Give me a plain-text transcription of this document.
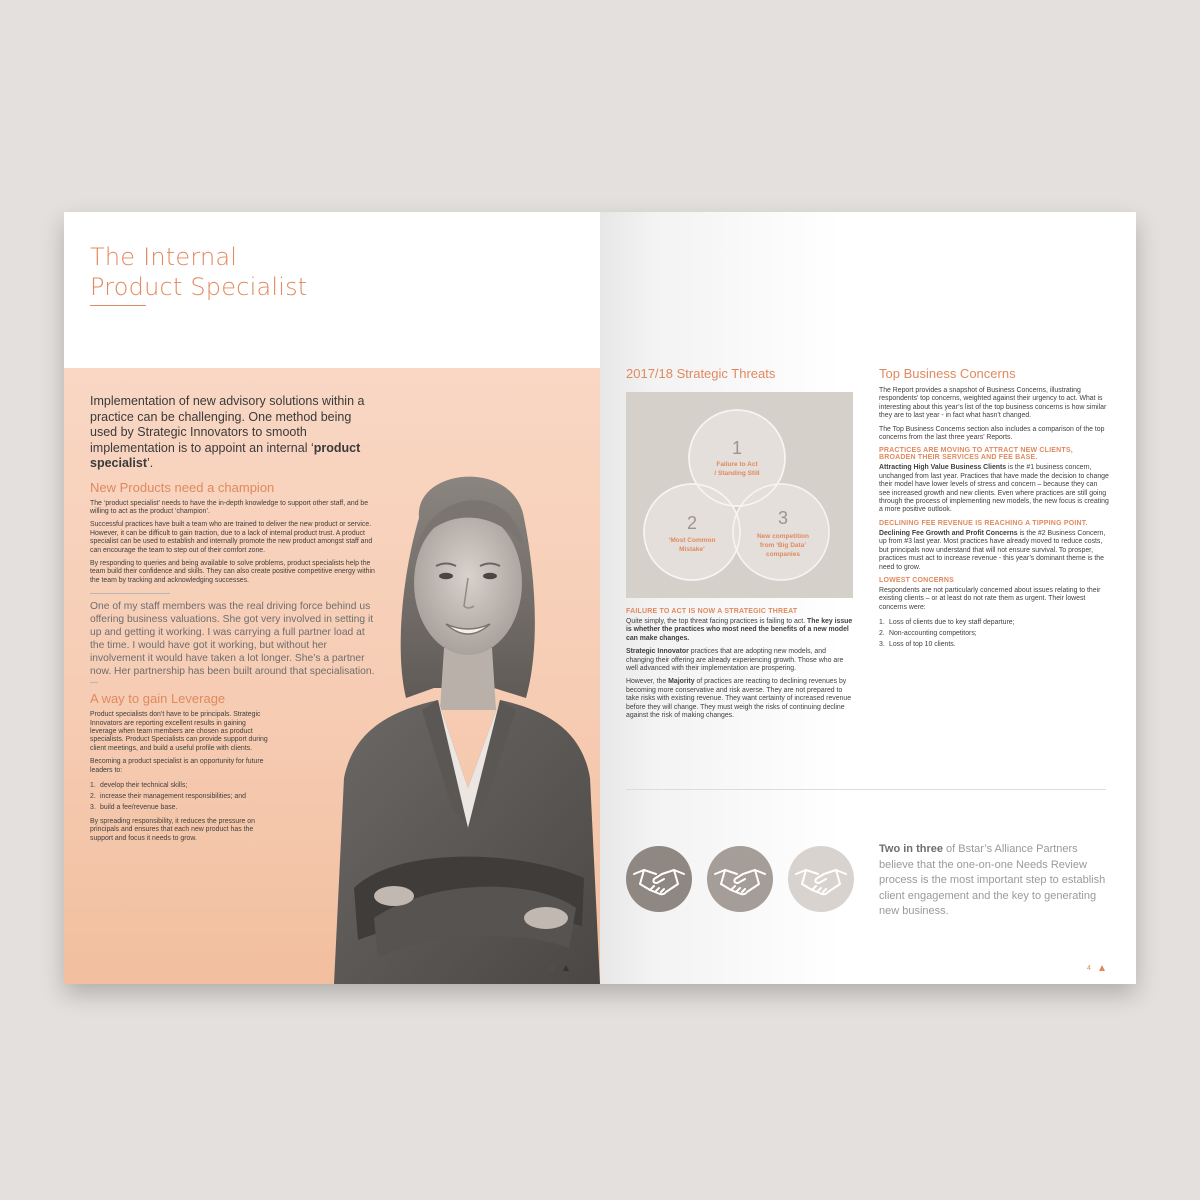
The Internal
Product Specialist

Implementation of new advisory solutions within a practice can be challenging. One method being used by Strategic Innovators to smooth implementation is to appoint an internal ‘product specialist’.

New Products need a champion

The ‘product specialist’ needs to have the in-depth knowledge to support other staff, and be willing to act as the product ‘champion’.

Successful practices have built a team who are trained to deliver the new product or service. However, it can be difficult to gain traction, due to a lack of internal product trust. A product specialist can be used to establish and internally promote the new product amongst staff and can encourage the team to step out of their comfort zone.

By responding to queries and being available to solve problems, product specialists help the team build their confidence and skills. They can also create positive competitive energy within the team by tracking and acknowledging successes.

One of my staff members was the real driving force behind us offering business valuations. She got very involved in setting it up and getting it working. I was carrying a full partner load at the time. I would have got it working, but without her involvement it would have taken a lot longer. She’s a partner now. Her partnership has been built around that specialisation.

A way to gain Leverage

Product specialists don’t have to be principals. Strategic Innovators are reporting excellent results in gaining leverage when team members are chosen as product specialists. Product Specialists can provide support during client meetings, and build a useful profile with clients.

Becoming a product specialist is an opportunity for future leaders to:

1. develop their technical skills;
2. increase their management responsibilities; and
3. build a fee/revenue base.

By spreading responsibility, it reduces the pressure on principals and ensures that each new product has the support and focus it needs to grow.

32
2017/18 Strategic Threats
1
Failure to Act
/ Standing Still
2
‘Most Common
Mistake’
3
New competition
from ‘Big Data’
companies
FAILURE TO ACT IS NOW A STRATEGIC THREAT

Quite simply, the top threat facing practices is failing to act. The key issue is whether the practices who most need the benefits of a new model can make changes.

Strategic Innovator practices that are adopting new models, and changing their offering are already experiencing growth. Those who are well advanced with their implementation are prospering.

However, the Majority of practices are reacting to declining revenues by becoming more conservative and risk averse. They are not prepared to take risks with existing revenue. They want certainty of increased revenue before they will change. They must weigh the risks of continuing decline against the risk of making changes.

Top Business Concerns

The Report provides a snapshot of Business Concerns, illustrating respondents’ top concerns, weighted against their urgency to act. What is interesting about this year’s list of the top business concerns is how similar they are to last year - in fact what hasn’t changed.

The Top Business Concerns section also includes a comparison of the top concerns from the last three years’ Reports.

PRACTICES ARE MOVING TO ATTRACT NEW CLIENTS, BROADEN THEIR SERVICES AND FEE BASE.

Attracting High Value Business Clients is the #1 business concern, unchanged from last year. Practices that have made the decision to change their model have lower levels of stress and concern – because they can see increased growth and new clients. Even where practices are still going through the process of implementing new models, the new focus is creating a more positive outlook.

DECLINING FEE REVENUE IS REACHING A TIPPING POINT.

Declining Fee Growth and Profit Concerns is the #2 Business Concern, up from #3 last year. Most practices have already moved to reduce costs, but principals now understand that will not ensure survival. To prosper, practices must act to increase revenue - this year’s dominant theme is the need to grow.

LOWEST CONCERNS

Respondents are not particularly concerned about issues relating to their existing clients – or at least do not rate them as urgent. Their lowest concerns were:

1. Loss of clients due to key staff departure;
2. Non-accounting competitors;
3. Loss of top 10 clients.
Two in three of Bstar’s Alliance Partners believe that the one-on-one Needs Review process is the most important step to establish client engagement and the key to generating new business.
4
